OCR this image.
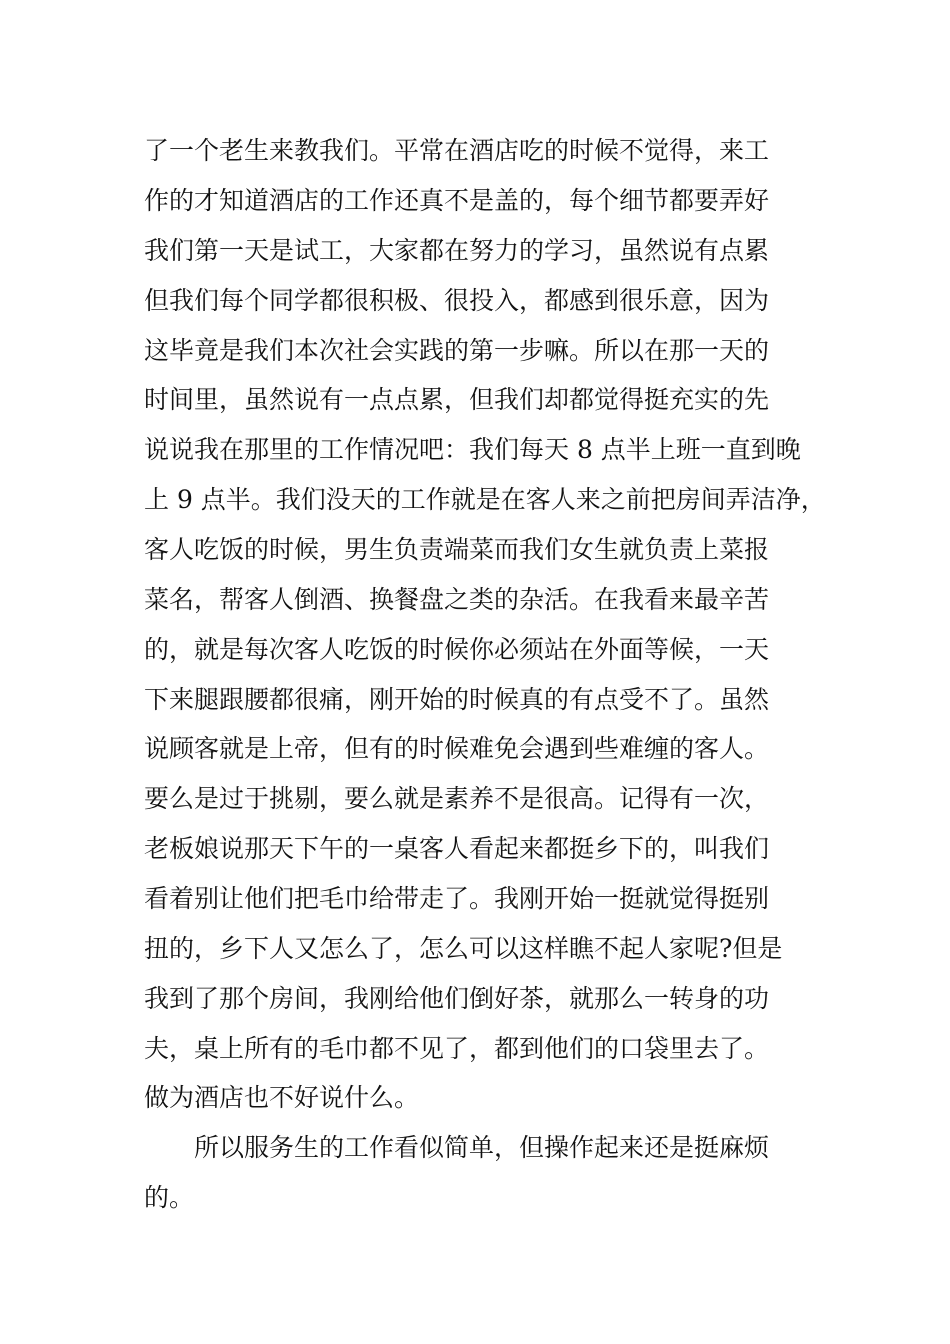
了一个老生来教我们。平常在酒店吃的时候不觉得，来工

作的才知道酒店的工作还真不是盖的，每个细节都要弄好

我们第一天是试工，大家都在努力的学习，虽然说有点累

但我们每个同学都很积极、很投入，都感到很乐意，因为

这毕竟是我们本次社会实践的第一步嘛。所以在那一天的

时间里，虽然说有一点点累，但我们却都觉得挺充实的先

说说我在那里的工作情况吧：我们每天 8 点半上班一直到晚

上 9 点半。我们没天的工作就是在客人来之前把房间弄洁净，

客人吃饭的时候，男生负责端菜而我们女生就负责上菜报

菜名，帮客人倒酒、换餐盘之类的杂活。在我看来最辛苦

的，就是每次客人吃饭的时候你必须站在外面等候，一天

下来腿跟腰都很痛，刚开始的时候真的有点受不了。虽然

说顾客就是上帝，但有的时候难免会遇到些难缠的客人。

要么是过于挑剔，要么就是素养不是很高。记得有一次，

老板娘说那天下午的一桌客人看起来都挺乡下的，叫我们

看着别让他们把毛巾给带走了。我刚开始一挺就觉得挺别

扭的，乡下人又怎么了，怎么可以这样瞧不起人家呢?但是

我到了那个房间，我刚给他们倒好茶，就那么一转身的功

夫，桌上所有的毛巾都不见了，都到他们的口袋里去了。

做为酒店也不好说什么。

所以服务生的工作看似简单，但操作起来还是挺麻烦

的。
